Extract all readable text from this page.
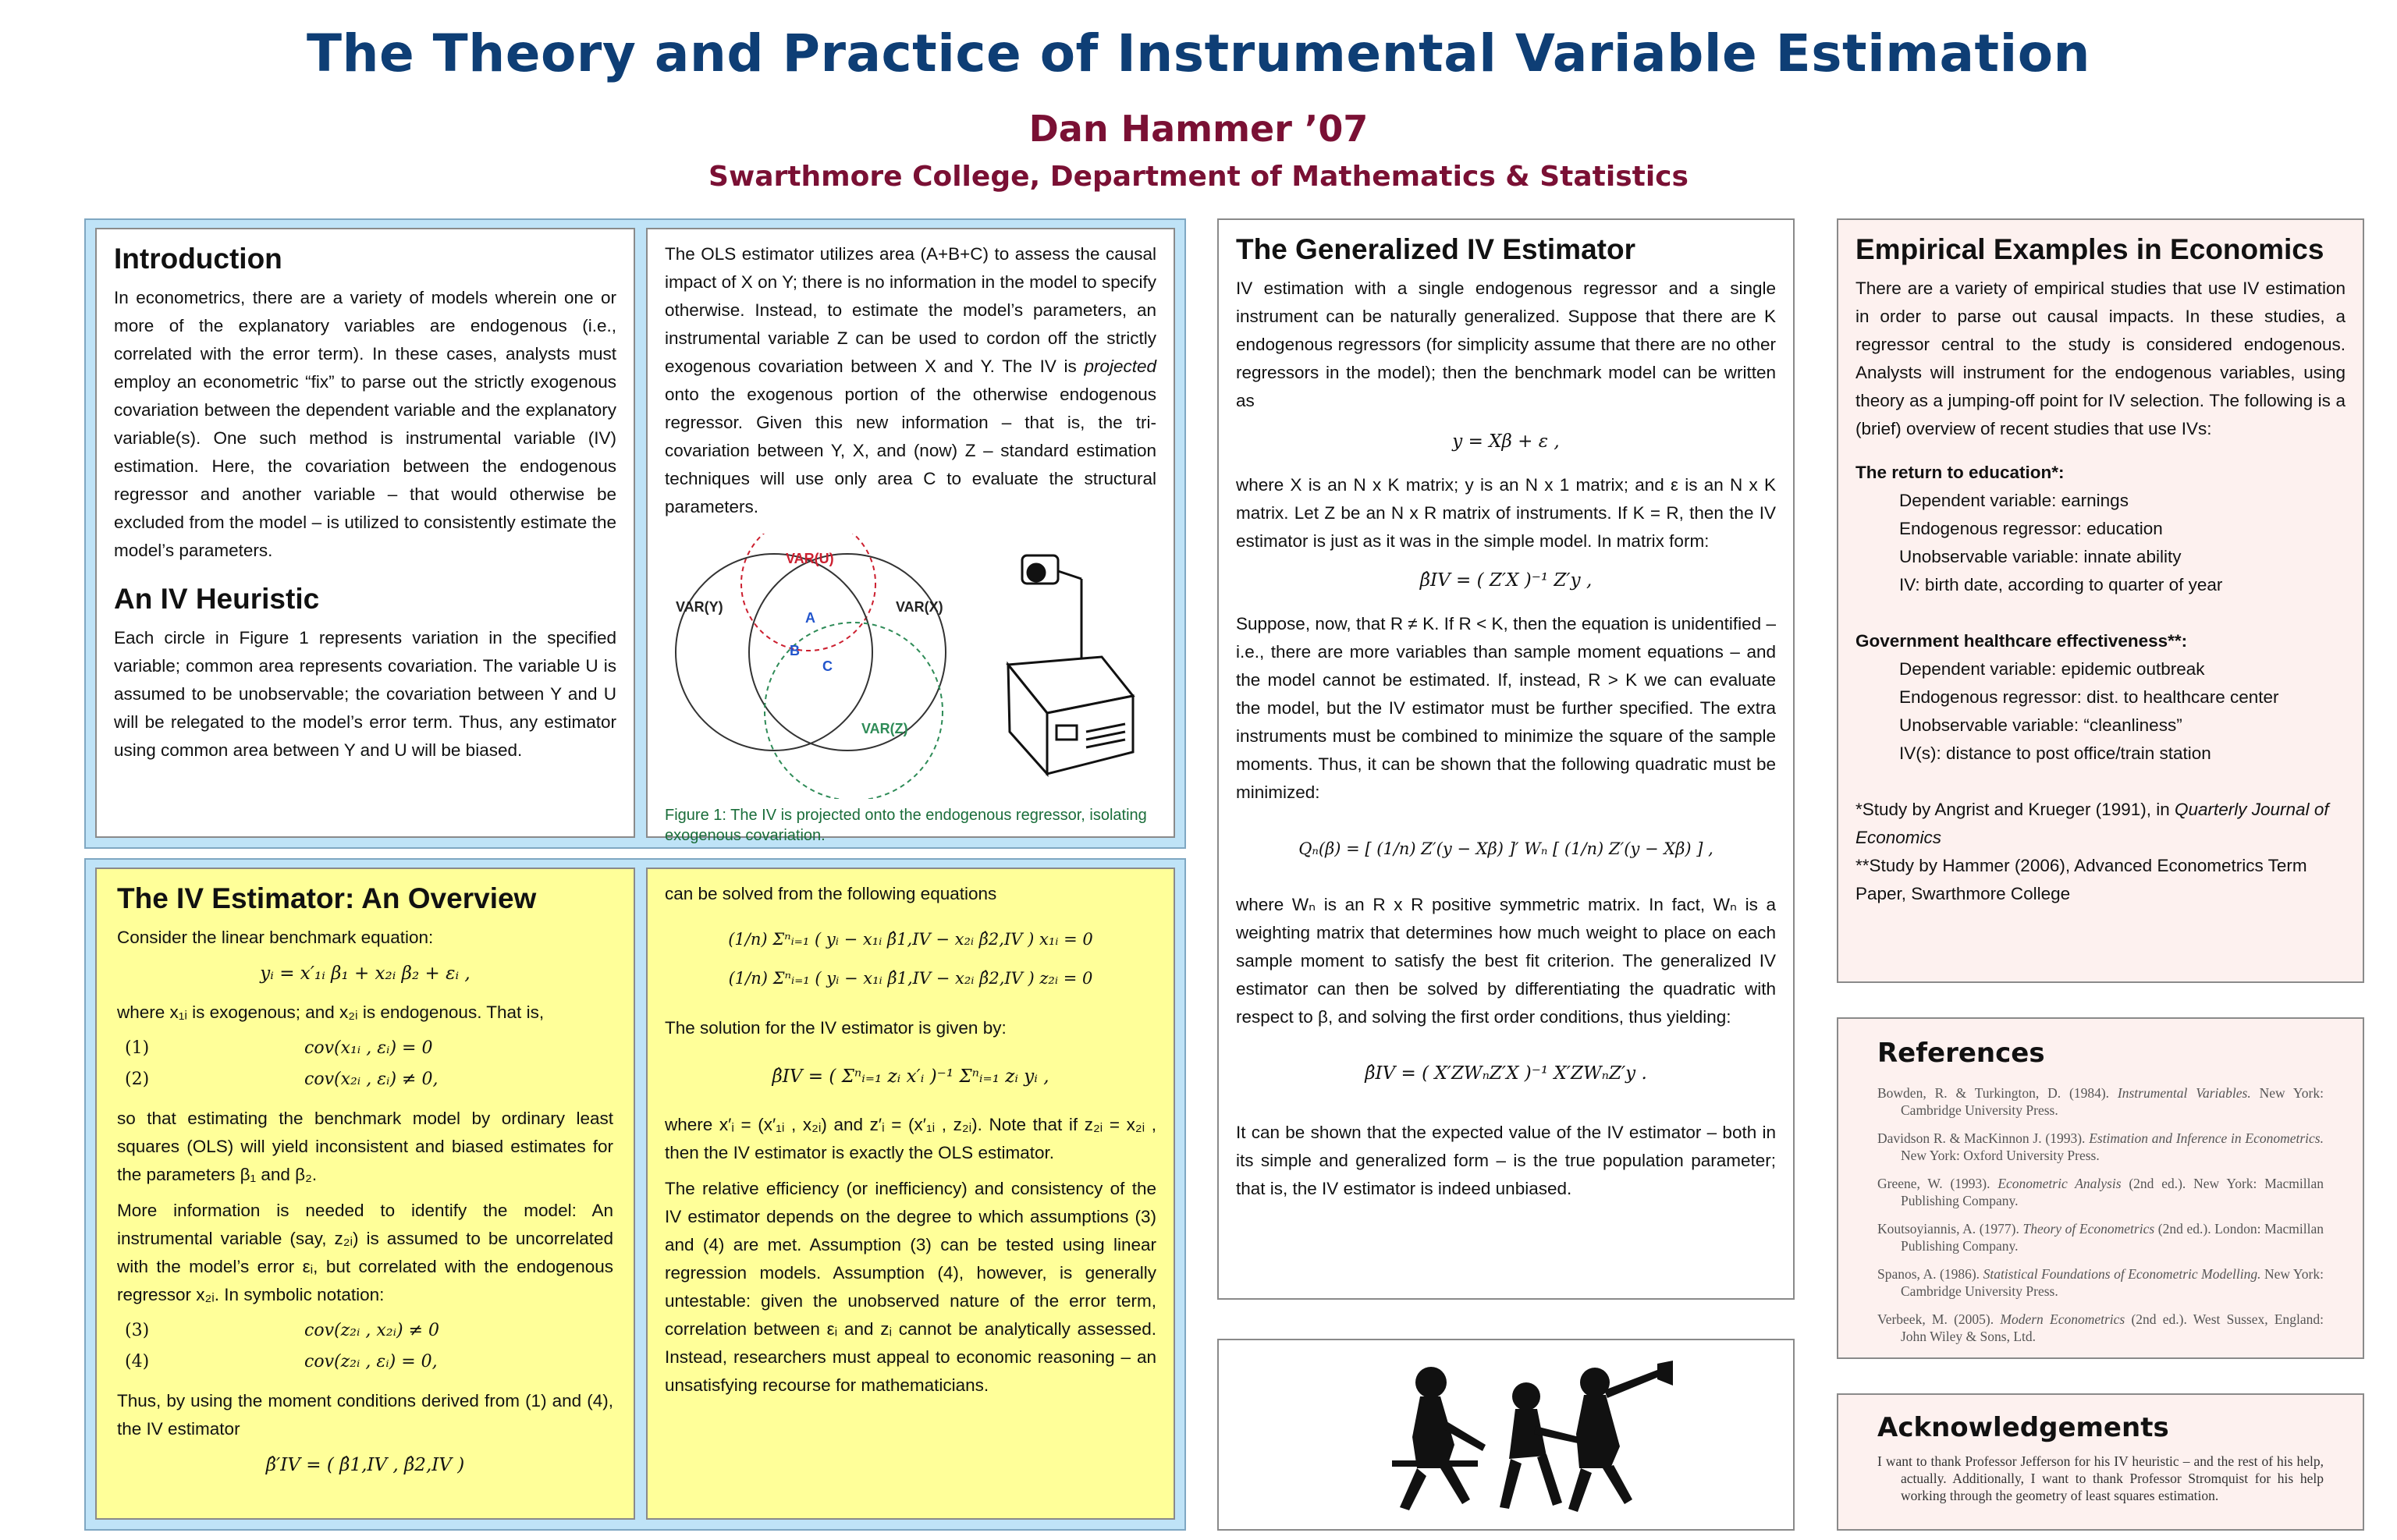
The Theory and Practice of Instrumental Variable Estimation
Dan Hammer ’07
Swarthmore College, Department of Mathematics & Statistics
Introduction

In econometrics, there are a variety of models wherein one or more of the explanatory variables are endogenous (i.e., correlated with the error term). In these cases, analysts must employ an econometric “fix” to parse out the strictly exogenous covariation between the dependent variable and the explanatory variable(s). One such method is instrumental variable (IV) estimation. Here, the covariation between the endogenous regressor and another variable – that would otherwise be excluded from the model – is utilized to consistently estimate the model’s parameters.

An IV Heuristic

Each circle in Figure 1 represents variation in the specified variable; common area represents covariation. The variable U is assumed to be unobservable; the covariation between Y and U will be relegated to the model’s error term. Thus, any estimator using common area between Y and U will be biased.

The OLS estimator utilizes area (A+B+C) to assess the causal impact of X on Y; there is no information in the model to specify otherwise. Instead, to estimate the model’s parameters, an instrumental variable Z can be used to cordon off the strictly exogenous covariation between X and Y. The IV is projected onto the exogenous portion of the otherwise endogenous regressor. Given this new information – that is, the tri-covariation between Y, X, and (now) Z – standard estimation techniques will use only area C to evaluate the structural parameters.

VAR(U)
VAR(Y)	VAR(X)
VAR(Z)
A
B
C
Figure 1: The IV is projected onto the endogenous regressor, isolating exogenous covariation.
The IV Estimator: An Overview

Consider the linear benchmark equation:

yᵢ = x′₁ᵢ β₁ + x₂ᵢ β₂ + εᵢ ,

where x₁ᵢ is exogenous; and x₂ᵢ is endogenous. That is,

(1)	cov(x₁ᵢ , εᵢ) = 0
(2)	cov(x₂ᵢ , εᵢ) ≠ 0,

so that estimating the benchmark model by ordinary least squares (OLS) will yield inconsistent and biased estimates for the parameters β₁ and β₂.

More information is needed to identify the model: An instrumental variable (say, z₂ᵢ) is assumed to be uncorrelated with the model’s error εᵢ, but correlated with the endogenous regressor x₂ᵢ. In symbolic notation:

(3)	cov(z₂ᵢ , x₂ᵢ) ≠ 0
(4)	cov(z₂ᵢ , εᵢ) = 0,

Thus, by using the moment conditions derived from (1) and (4), the IV estimator

β̂′IV = ( β̂1,IV , β̂2,IV )

can be solved from the following equations

(1/n) Σⁿᵢ₌₁ ( yᵢ − x₁ᵢ β̂1,IV − x₂ᵢ β̂2,IV ) x₁ᵢ = 0
(1/n) Σⁿᵢ₌₁ ( yᵢ − x₁ᵢ β̂1,IV − x₂ᵢ β̂2,IV ) z₂ᵢ = 0

The solution for the IV estimator is given by:

β̂IV = ( Σⁿᵢ₌₁ zᵢ x′ᵢ )⁻¹ Σⁿᵢ₌₁ zᵢ yᵢ ,

where x′ᵢ = (x′₁ᵢ , x₂ᵢ) and z′ᵢ = (x′₁ᵢ , z₂ᵢ). Note that if z₂ᵢ = x₂ᵢ , then the IV estimator is exactly the OLS estimator.

The relative efficiency (or inefficiency) and consistency of the IV estimator depends on the degree to which assumptions (3) and (4) are met. Assumption (3) can be tested using linear regression models. Assumption (4), however, is generally untestable: given the unobserved nature of the error term, correlation between εᵢ and zᵢ cannot be analytically assessed. Instead, researchers must appeal to economic reasoning – an unsatisfying recourse for mathematicians.

The Generalized IV Estimator

IV estimation with a single endogenous regressor and a single instrument can be naturally generalized. Suppose that there are K endogenous regressors (for simplicity assume that there are no other regressors in the model); then the benchmark model can be written as

y = Xβ + ε ,

where X is an N x K matrix; y is an N x 1 matrix; and ε is an N x K matrix. Let Z be an N x R matrix of instruments. If K = R, then the IV estimator is just as it was in the simple model. In matrix form:

β̂IV = ( Z′X )⁻¹ Z′y ,

Suppose, now, that R ≠ K. If R < K, then the equation is unidentified – i.e., there are more variables than sample moment equations – and the model cannot be estimated. If, instead, R > K we can evaluate the model, but the IV estimator must be further specified. The extra instruments must be combined to minimize the square of the sample moments. Thus, it can be shown that the following quadratic must be minimized:

Qₙ(β) = [ (1/n) Z′(y − Xβ) ]′ Wₙ [ (1/n) Z′(y − Xβ) ] ,

where Wₙ is an R x R positive symmetric matrix. In fact, Wₙ is a weighting matrix that determines how much weight to place on each sample moment to satisfy the best fit criterion. The generalized IV estimator can then be solved by differentiating the quadratic with respect to β, and solving the first order conditions, thus yielding:

β̂IV = ( X′ZWₙZ′X )⁻¹ X′ZWₙZ′y .

It can be shown that the expected value of the IV estimator – both in its simple and generalized form – is the true population parameter; that is, the IV estimator is indeed unbiased.

Empirical Examples in Economics

There are a variety of empirical studies that use IV estimation in order to parse out causal impacts. In these studies, a regressor central to the study is considered endogenous. Analysts will instrument for the endogenous variables, using theory as a jumping-off point for IV selection. The following is a (brief) overview of recent studies that use IVs:

The return to education*:

Dependent variable: earnings

Endogenous regressor: education

Unobservable variable: innate ability

IV: birth date, according to quarter of year

Government healthcare effectiveness**:

Dependent variable: epidemic outbreak

Endogenous regressor: dist. to healthcare center

Unobservable variable: “cleanliness”

IV(s): distance to post office/train station

*Study by Angrist and Krueger (1991), in Quarterly Journal of Economics

**Study by Hammer (2006), Advanced Econometrics Term Paper, Swarthmore College

References

Bowden, R. & Turkington, D. (1984). Instrumental Variables. New York: Cambridge University Press.

Davidson R. & MacKinnon J. (1993). Estimation and Inference in Econometrics. New York: Oxford University Press.

Greene, W. (1993). Econometric Analysis (2nd ed.). New York: Macmillan Publishing Company.

Koutsoyiannis, A. (1977). Theory of Econometrics (2nd ed.). London: Macmillan Publishing Company.

Spanos, A. (1986). Statistical Foundations of Econometric Modelling. New York: Cambridge University Press.

Verbeek, M. (2005). Modern Econometrics (2nd ed.). West Sussex, England: John Wiley & Sons, Ltd.

Acknowledgements

I want to thank Professor Jefferson for his IV heuristic – and the rest of his help, actually. Additionally, I want to thank Professor Stromquist for his help working through the geometry of least squares estimation.
